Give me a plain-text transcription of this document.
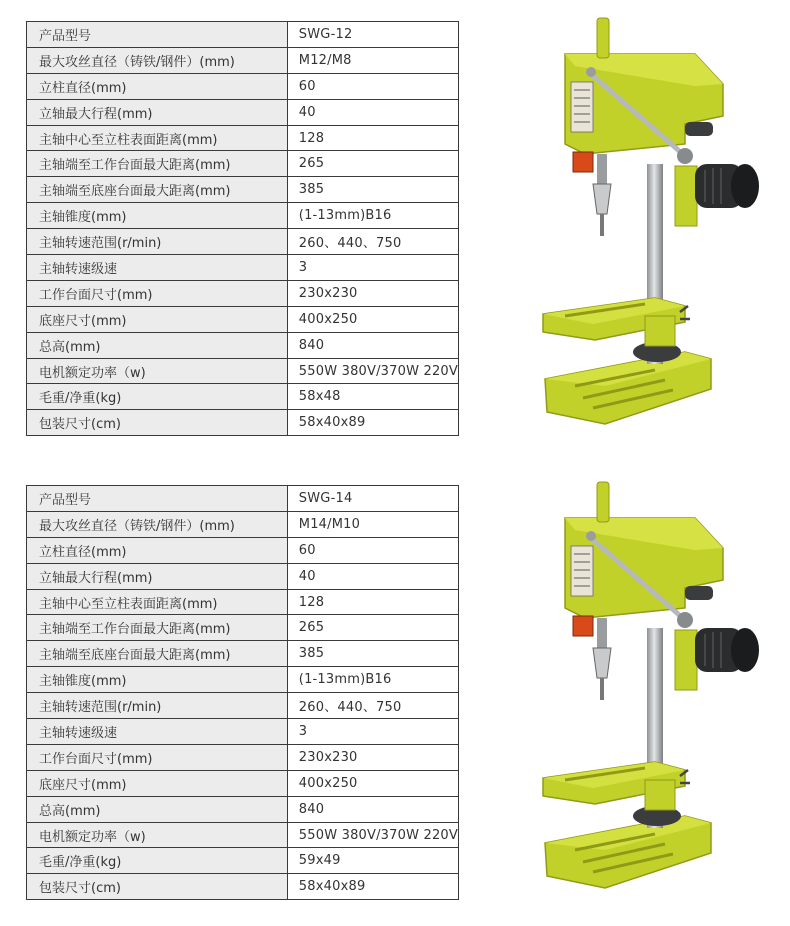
产品型号	SWG-12
最大攻丝直径（铸铁/钢件）(mm)	M12/M8
立柱直径(mm)	60
立轴最大行程(mm)	40
主轴中心至立柱表面距离(mm)	128
主轴端至工作台面最大距离(mm)	265
主轴端至底座台面最大距离(mm)	385
主轴锥度(mm)	(1-13mm)B16
主轴转速范围(r/min)	260、440、750
主轴转速级速	3
工作台面尺寸(mm)	230x230
底座尺寸(mm)	400x250
总高(mm)	840
电机额定功率（w)	550W 380V/370W 220V
毛重/净重(kg)	58x48
包装尺寸(cm)	58x40x89
产品型号	SWG-14
最大攻丝直径（铸铁/钢件）(mm)	M14/M10
立柱直径(mm)	60
立轴最大行程(mm)	40
主轴中心至立柱表面距离(mm)	128
主轴端至工作台面最大距离(mm)	265
主轴端至底座台面最大距离(mm)	385
主轴锥度(mm)	(1-13mm)B16
主轴转速范围(r/min)	260、440、750
主轴转速级速	3
工作台面尺寸(mm)	230x230
底座尺寸(mm)	400x250
总高(mm)	840
电机额定功率（w)	550W 380V/370W 220V
毛重/净重(kg)	59x49
包装尺寸(cm)	58x40x89
